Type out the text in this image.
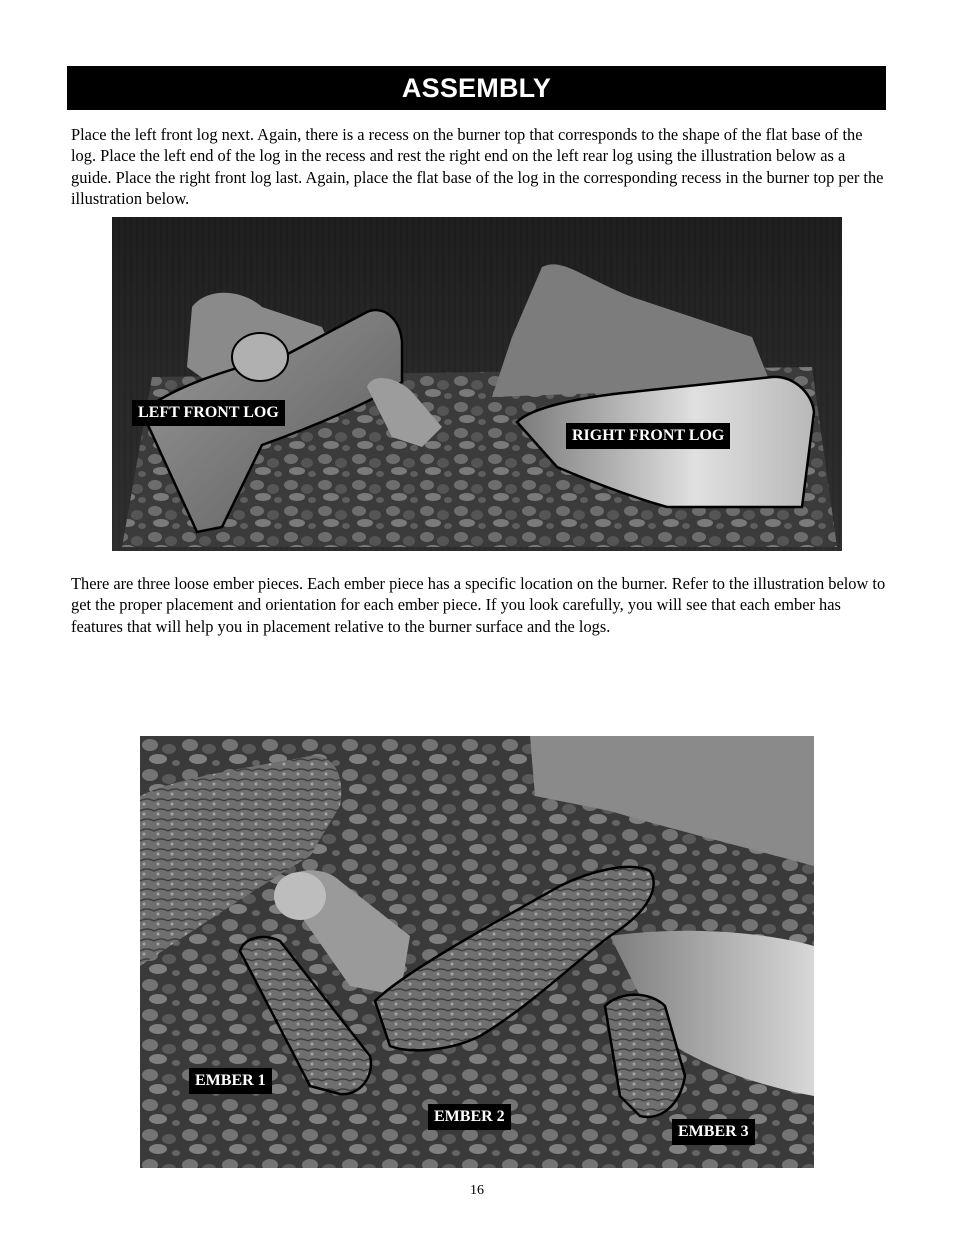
ASSEMBLY

Place the left front log next. Again, there is a recess on the burner top that corresponds to the shape of the flat base of the log. Place the left end of the log in the recess and rest the right end on the left rear log using the illustration below as a guide. Place the right front log last. Again, place the flat base of the log in the corresponding recess in the burner top per the illustration below.

LEFT FRONT LOG
RIGHT FRONT LOG

There are three loose ember pieces. Each ember piece has a specific location on the burner. Refer to the illustration below to get the proper placement and orientation for each ember piece. If you look carefully, you will see that each ember has features that will help you in placement relative to the burner surface and the logs.

EMBER 1
EMBER 2
EMBER 3
16
